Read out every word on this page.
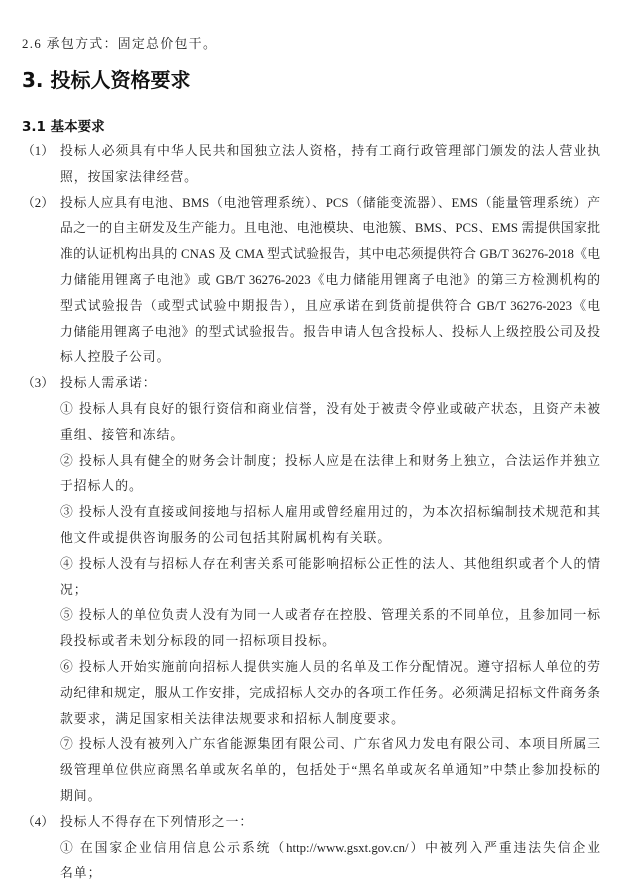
2.6 承包方式：固定总价包干。
3. 投标人资格要求
3.1 基本要求
（1） 投标人必须具有中华人民共和国独立法人资格，持有工商行政管理部门颁发的法人营业执
照，按国家法律经营。
（2） 投标人应具有电池、BMS（电池管理系统）、PCS（储能变流器）、EMS（能量管理系统）产
品之一的自主研发及生产能力。且电池、电池模块、电池簇、BMS、PCS、EMS 需提供国家批
准的认证机构出具的 CNAS 及 CMA 型式试验报告，其中电芯须提供符合 GB/T 36276-2018《电
力储能用锂离子电池》或 GB/T 36276-2023《电力储能用锂离子电池》的第三方检测机构的
型式试验报告（或型式试验中期报告），且应承诺在到货前提供符合 GB/T 36276-2023《电
力储能用锂离子电池》的型式试验报告。报告申请人包含投标人、投标人上级控股公司及投
标人控股子公司。
（3） 投标人需承诺：
① 投标人具有良好的银行资信和商业信誉，没有处于被责令停业或破产状态，且资产未被
重组、接管和冻结。
② 投标人具有健全的财务会计制度；投标人应是在法律上和财务上独立，合法运作并独立
于招标人的。
③ 投标人没有直接或间接地与招标人雇用或曾经雇用过的，为本次招标编制技术规范和其
他文件或提供咨询服务的公司包括其附属机构有关联。
④ 投标人没有与招标人存在利害关系可能影响招标公正性的法人、其他组织或者个人的情
况；
⑤ 投标人的单位负责人没有为同一人或者存在控股、管理关系的不同单位，且参加同一标
段投标或者未划分标段的同一招标项目投标。
⑥ 投标人开始实施前向招标人提供实施人员的名单及工作分配情况。遵守招标人单位的劳
动纪律和规定，服从工作安排，完成招标人交办的各项工作任务。必须满足招标文件商务条
款要求，满足国家相关法律法规要求和招标人制度要求。
⑦ 投标人没有被列入广东省能源集团有限公司、广东省风力发电有限公司、本项目所属三
级管理单位供应商黑名单或灰名单的，包括处于“黑名单或灰名单通知”中禁止参加投标的
期间。
（4） 投标人不得存在下列情形之一：
① 在国家企业信用信息公示系统（http://www.gsxt.gov.cn/）中被列入严重违法失信企业
名单；
